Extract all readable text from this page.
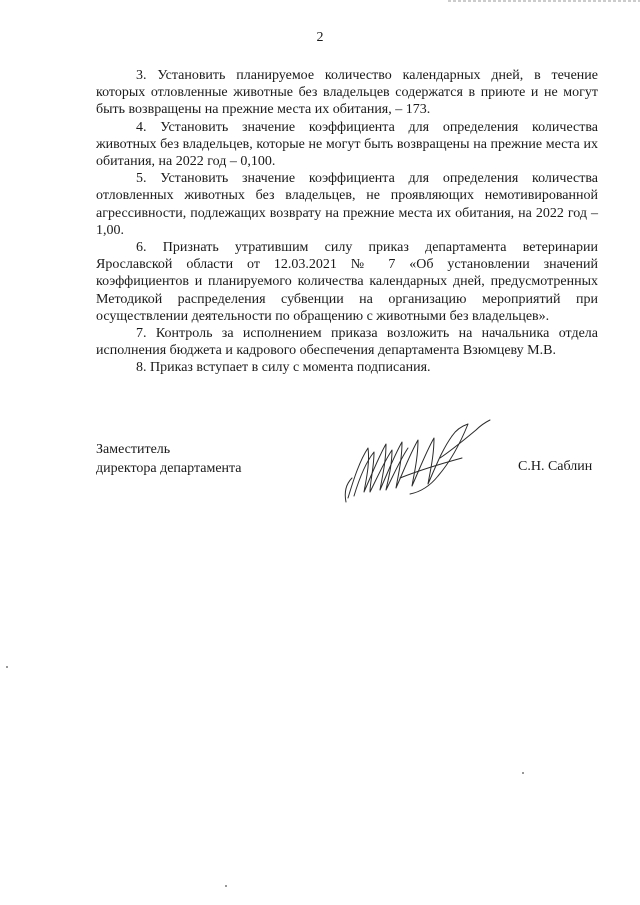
2

3. Установить планируемое количество календарных дней, в течение которых отловленные животные без владельцев содержатся в приюте и не могут быть возвращены на прежние места их обитания, – 173.

4. Установить значение коэффициента для определения количества животных без владельцев, которые не могут быть возвращены на прежние места их обитания, на 2022 год – 0,100.

5. Установить значение коэффициента для определения количества отловленных животных без владельцев, не проявляющих немотивированной агрессивности, подлежащих возврату на прежние места их обитания, на 2022 год – 1,00.

6. Признать утратившим силу приказ департамента ветеринарии Ярославской области от 12.03.2021 № 7 «Об установлении значений коэффициентов и планируемого количества календарных дней, предусмотренных Методикой распределения субвенции на организацию мероприятий при осуществлении деятельности по обращению с животными без владельцев».

7. Контроль за исполнением приказа возложить на начальника отдела исполнения бюджета и кадрового обеспечения департамента Взюмцеву М.В.

8. Приказ вступает в силу с момента подписания.

Заместитель
директора департамента	С.Н. Саблин
